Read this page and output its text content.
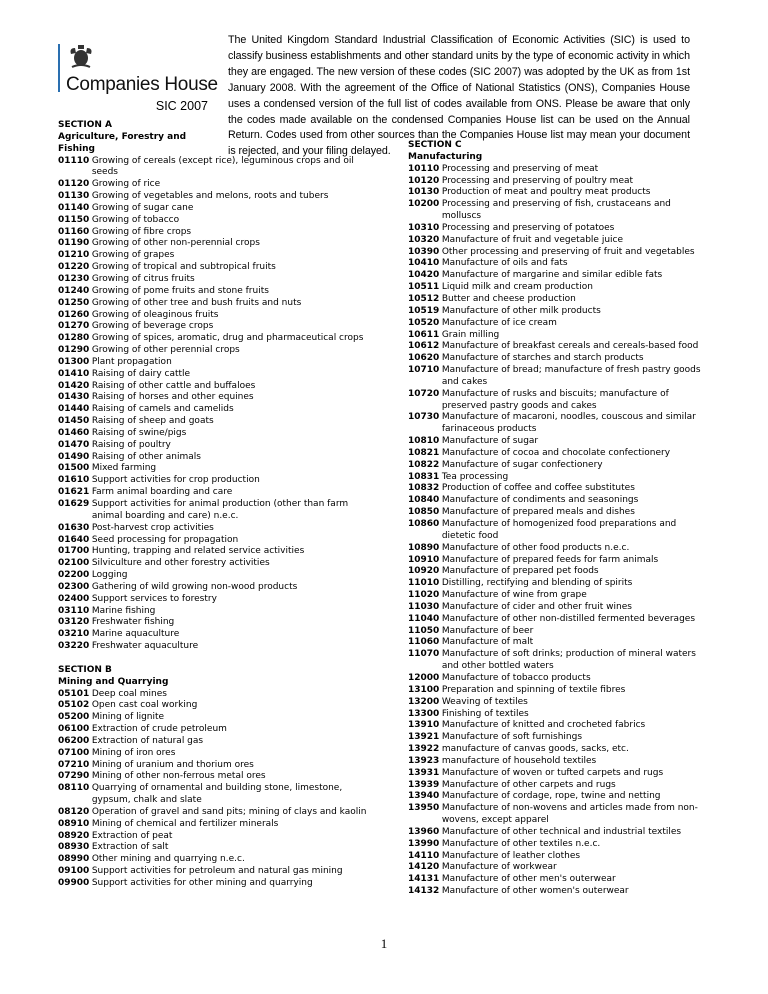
Companies House
SIC 2007

The United Kingdom Standard Industrial Classification of Economic Activities (SIC) is used to classify business establishments and other standard units by the type of economic activity in which they are engaged. The new version of these codes (SIC 2007) was adopted by the UK as from 1st January 2008. With the agreement of the Office of National Statistics (ONS), Companies House uses a condensed version of the full list of codes available from ONS. Please be aware that only the codes made available on the condensed Companies House list can be used on the Annual Return. Codes used from other sources than the Companies House list may mean your document is rejected, and your filing delayed.

SECTION A
Agriculture, Forestry and Fishing
01110 Growing of cereals (except rice), leguminous crops and oil seeds
01120 Growing of rice
01130 Growing of vegetables and melons, roots and tubers
01140 Growing of sugar cane
01150 Growing of tobacco
01160 Growing of fibre crops
01190 Growing of other non-perennial crops
01210 Growing of grapes
01220 Growing of tropical and subtropical fruits
01230 Growing of citrus fruits
01240 Growing of pome fruits and stone fruits
01250 Growing of other tree and bush fruits and nuts
01260 Growing of oleaginous fruits
01270 Growing of beverage crops
01280 Growing of spices, aromatic, drug and pharmaceutical crops
01290 Growing of other perennial crops
01300 Plant propagation
01410 Raising of dairy cattle
01420 Raising of other cattle and buffaloes
01430 Raising of horses and other equines
01440 Raising of camels and camelids
01450 Raising of sheep and goats
01460 Raising of swine/pigs
01470 Raising of poultry
01490 Raising of other animals
01500 Mixed farming
01610 Support activities for crop production
01621 Farm animal boarding and care
01629 Support activities for animal production (other than farm animal boarding and care) n.e.c.
01630 Post-harvest crop activities
01640 Seed processing for propagation
01700 Hunting, trapping and related service activities
02100 Silviculture and other forestry activities
02200 Logging
02300 Gathering of wild growing non-wood products
02400 Support services to forestry
03110 Marine fishing
03120 Freshwater fishing
03210 Marine aquaculture
03220 Freshwater aquaculture
SECTION B
Mining and Quarrying
05101 Deep coal mines
05102 Open cast coal working
05200 Mining of lignite
06100 Extraction of crude petroleum
06200 Extraction of natural gas
07100 Mining of iron ores
07210 Mining of uranium and thorium ores
07290 Mining of other non-ferrous metal ores
08110 Quarrying of ornamental and building stone, limestone, gypsum, chalk and slate
08120 Operation of gravel and sand pits; mining of clays and kaolin
08910 Mining of chemical and fertilizer minerals
08920 Extraction of peat
08930 Extraction of salt
08990 Other mining and quarrying n.e.c.
09100 Support activities for petroleum and natural gas mining
09900 Support activities for other mining and quarrying
SECTION C
Manufacturing
10110 Processing and preserving of meat
10120 Processing and preserving of poultry meat
10130 Production of meat and poultry meat products
10200 Processing and preserving of fish, crustaceans and molluscs
10310 Processing and preserving of potatoes
10320 Manufacture of fruit and vegetable juice
10390 Other processing and preserving of fruit and vegetables
10410 Manufacture of oils and fats
10420 Manufacture of margarine and similar edible fats
10511 Liquid milk and cream production
10512 Butter and cheese production
10519 Manufacture of other milk products
10520 Manufacture of ice cream
10611 Grain milling
10612 Manufacture of breakfast cereals and cereals-based food
10620 Manufacture of starches and starch products
10710 Manufacture of bread; manufacture of fresh pastry goods and cakes
10720 Manufacture of rusks and biscuits; manufacture of preserved pastry goods and cakes
10730 Manufacture of macaroni, noodles, couscous and similar farinaceous products
10810 Manufacture of sugar
10821 Manufacture of cocoa and chocolate confectionery
10822 Manufacture of sugar confectionery
10831 Tea processing
10832 Production of coffee and coffee substitutes
10840 Manufacture of condiments and seasonings
10850 Manufacture of prepared meals and dishes
10860 Manufacture of homogenized food preparations and dietetic food
10890 Manufacture of other food products n.e.c.
10910 Manufacture of prepared feeds for farm animals
10920 Manufacture of prepared pet foods
11010 Distilling, rectifying and blending of spirits
11020 Manufacture of wine from grape
11030 Manufacture of cider and other fruit wines
11040 Manufacture of other non-distilled fermented beverages
11050 Manufacture of beer
11060 Manufacture of malt
11070 Manufacture of soft drinks; production of mineral waters and other bottled waters
12000 Manufacture of tobacco products
13100 Preparation and spinning of textile fibres
13200 Weaving of textiles
13300 Finishing of textiles
13910 Manufacture of knitted and crocheted fabrics
13921 Manufacture of soft furnishings
13922 manufacture of canvas goods, sacks, etc.
13923 manufacture of household textiles
13931 Manufacture of woven or tufted carpets and rugs
13939 Manufacture of other carpets and rugs
13940 Manufacture of cordage, rope, twine and netting
13950 Manufacture of non-wovens and articles made from non-wovens, except apparel
13960 Manufacture of other technical and industrial textiles
13990 Manufacture of other textiles n.e.c.
14110 Manufacture of leather clothes
14120 Manufacture of workwear
14131 Manufacture of other men's outerwear
14132 Manufacture of other women's outerwear
1
